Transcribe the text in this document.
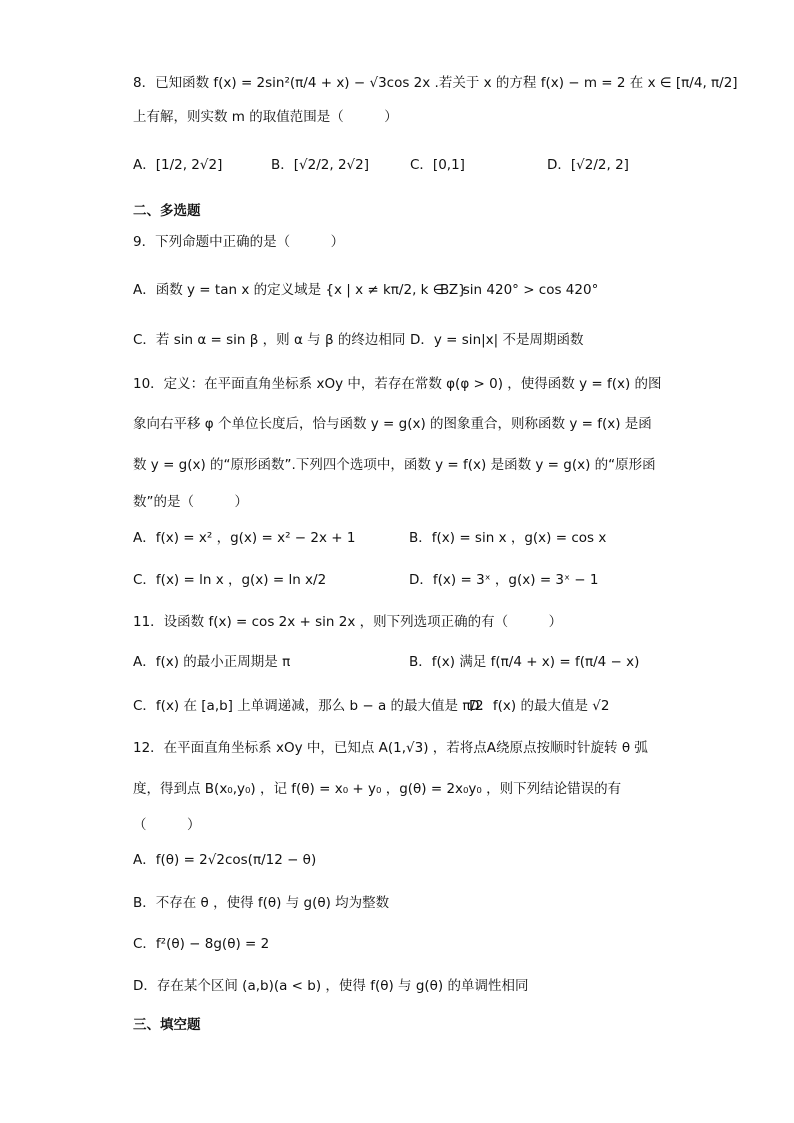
8．已知函数 f(x) = 2sin²(π/4 + x) − √3cos 2x .若关于 x 的方程 f(x) − m = 2 在 x ∈ [π/4, π/2]
上有解，则实数 m 的取值范围是（　　　）
A．[1/2, 2√2]	B．[√2/2, 2√2]	C．[0,1]	D．[√2/2, 2]
二、多选题
9．下列命题中正确的是（　　　）
A．函数 y = tan x 的定义域是 {x | x ≠ kπ/2, k ∈ Z}
B．sin 420° > cos 420°
C．若 sin α = sin β ，则 α 与 β 的终边相同 D．y = sin|x| 不是周期函数
10．定义：在平面直角坐标系 xOy 中，若存在常数 φ(φ > 0) ，使得函数 y = f(x) 的图
象向右平移 φ 个单位长度后，恰与函数 y = g(x) 的图象重合，则称函数 y = f(x) 是函
数 y = g(x) 的“原形函数”.下列四个选项中，函数 y = f(x) 是函数 y = g(x) 的“原形函
数”的是（　　　）
A．f(x) = x² ，g(x) = x² − 2x + 1	B．f(x) = sin x ，g(x) = cos x
C．f(x) = ln x ，g(x) = ln x/2	D．f(x) = 3ˣ ，g(x) = 3ˣ − 1
11．设函数 f(x) = cos 2x + sin 2x ，则下列选项正确的有（　　　）
A．f(x) 的最小正周期是 π	B．f(x) 满足 f(π/4 + x) = f(π/4 − x)
C．f(x) 在 [a,b] 上单调递减，那么 b − a 的最大值是 π/2
D．f(x) 的最大值是 √2
12．在平面直角坐标系 xOy 中，已知点 A(1,√3) ，若将点A绕原点按顺时针旋转 θ 弧
度，得到点 B(x₀,y₀) ，记 f(θ) = x₀ + y₀ ，g(θ) = 2x₀y₀ ，则下列结论错误的有
（　　　）
A．f(θ) = 2√2cos(π/12 − θ)
B．不存在 θ ，使得 f(θ) 与 g(θ) 均为整数
C．f²(θ) − 8g(θ) = 2
D．存在某个区间 (a,b)(a < b) ，使得 f(θ) 与 g(θ) 的单调性相同
三、填空题
